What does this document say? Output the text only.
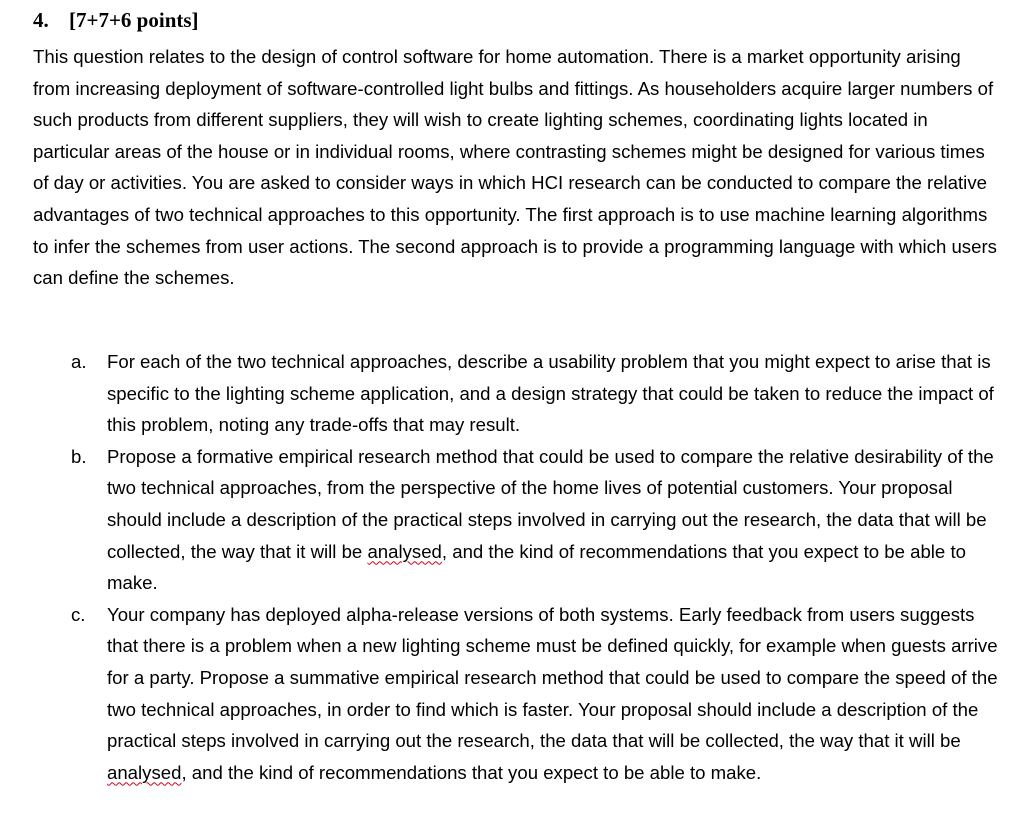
4. [7+7+6 points]

This question relates to the design of control software for home automation. There is a market opportunity arising from increasing deployment of software-controlled light bulbs and fittings. As householders acquire larger numbers of such products from different suppliers, they will wish to create lighting schemes, coordinating lights located in particular areas of the house or in individual rooms, where contrasting schemes might be designed for various times of day or activities. You are asked to consider ways in which HCI research can be conducted to compare the relative advantages of two technical approaches to this opportunity. The first approach is to use machine learning algorithms to infer the schemes from user actions. The second approach is to provide a programming language with which users can define the schemes.

a. For each of the two technical approaches, describe a usability problem that you might expect to arise that is specific to the lighting scheme application, and a design strategy that could be taken to reduce the impact of this problem, noting any trade-offs that may result.
b. Propose a formative empirical research method that could be used to compare the relative desirability of the two technical approaches, from the perspective of the home lives of potential customers. Your proposal should include a description of the practical steps involved in carrying out the research, the data that will be collected, the way that it will be analysed, and the kind of recommendations that you expect to be able to make.
c. Your company has deployed alpha-release versions of both systems. Early feedback from users suggests that there is a problem when a new lighting scheme must be defined quickly, for example when guests arrive for a party. Propose a summative empirical research method that could be used to compare the speed of the two technical approaches, in order to find which is faster. Your proposal should include a description of the practical steps involved in carrying out the research, the data that will be collected, the way that it will be analysed, and the kind of recommendations that you expect to be able to make.
